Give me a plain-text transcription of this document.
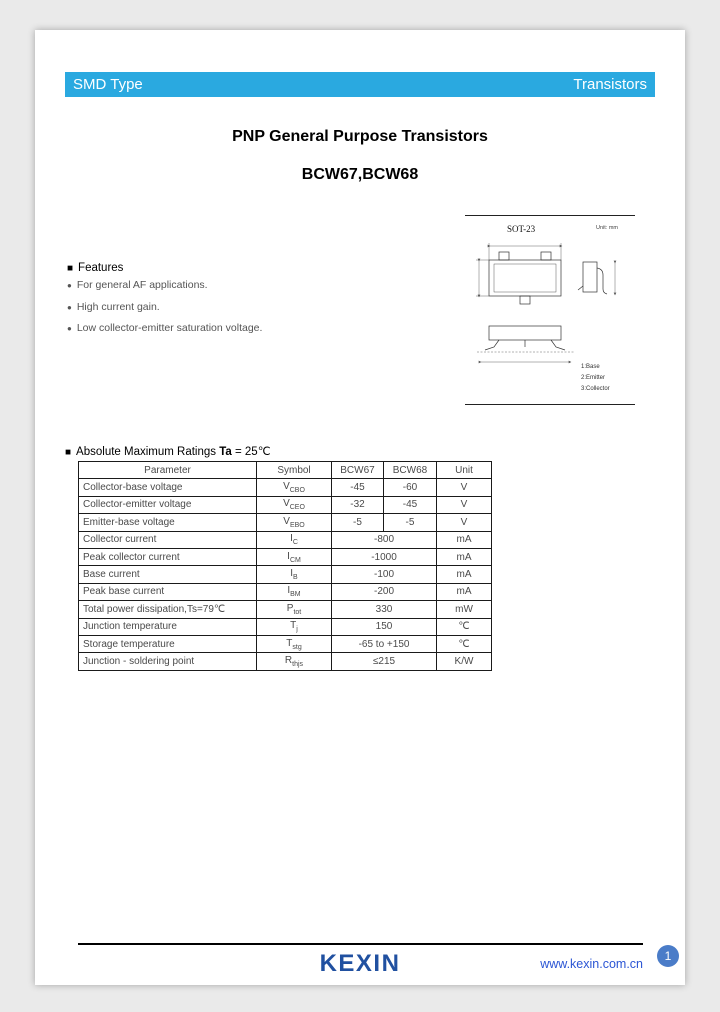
SMD Type	Transistors
PNP General Purpose Transistors
BCW67,BCW68
■ Features
● For general AF applications.
● High current gain.
● Low collector-emitter saturation voltage.
SOT-23	Unit: mm
1:Base
2:Emitter
3:Collector
■ Absolute Maximum Ratings Ta = 25℃
Parameter	Symbol	BCW67	BCW68	Unit
Collector-base voltage	$V_{CBO}$	-45	-60	V
Collector-emitter voltage	$V_{CEO}$	-32	-45	V
Emitter-base voltage	$V_{EBO}$	-5	-5	V
Collector current	$I_C$	-800		mA
Peak collector current	$I_{CM}$	-1000		mA
Base current	$I_B$	-100		mA
Peak base current	$I_{BM}$	-200		mA
Total power dissipation,Ts=79℃	$P_{tot}$	330		mW
Junction temperature	$T_j$	150		℃
Storage temperature	$T_{stg}$	-65 to +150		℃
Junction - soldering point	$R_{thjs}$	≤215		K/W
KEXIN	www.kexin.com.cn
1
